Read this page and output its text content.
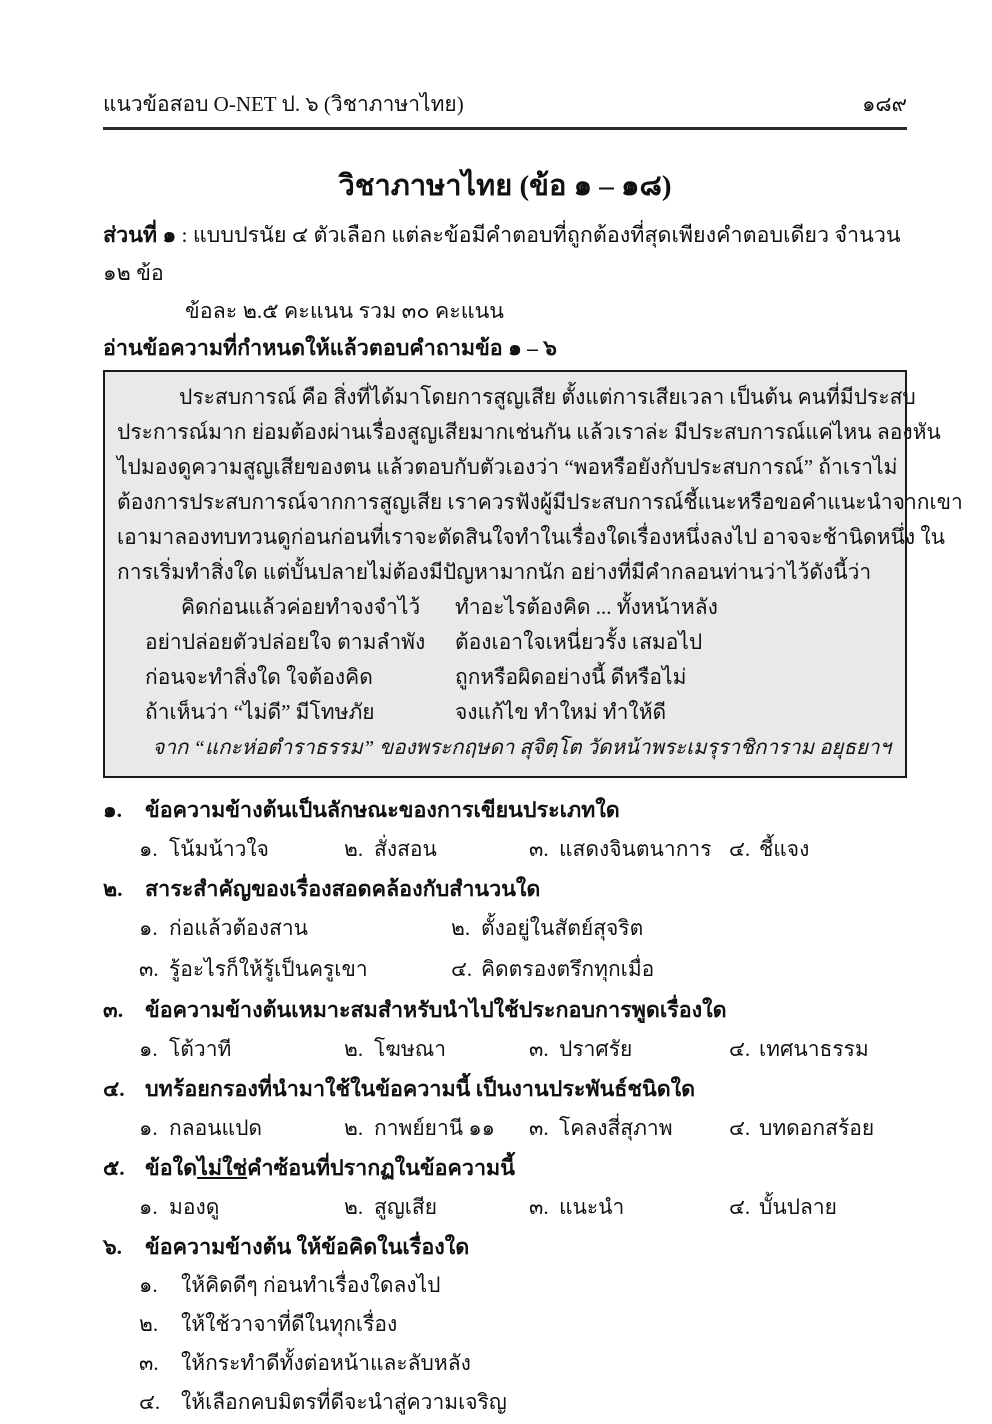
แนวข้อสอบ O-NET ป. ๖ (วิชาภาษาไทย)	๑๘๙
วิชาภาษาไทย (ข้อ ๑ – ๑๘)
ส่วนที่ ๑ : แบบปรนัย ๔ ตัวเลือก แต่ละข้อมีคำตอบที่ถูกต้องที่สุดเพียงคำตอบเดียว จำนวน ๑๒ ข้อ
ข้อละ ๒.๕ คะแนน รวม ๓๐ คะแนน
อ่านข้อความที่กำหนดให้แล้วตอบคำถามข้อ ๑ – ๖
ประสบการณ์ คือ สิ่งที่ได้มาโดยการสูญเสีย ตั้งแต่การเสียเวลา เป็นต้น คนที่มีประสบ
ประการณ์มาก ย่อมต้องผ่านเรื่องสูญเสียมากเช่นกัน แล้วเราล่ะ มีประสบการณ์แค่ไหน ลองหัน
ไปมองดูความสูญเสียของตน แล้วตอบกับตัวเองว่า “พอหรือยังกับประสบการณ์” ถ้าเราไม่
ต้องการประสบการณ์จากการสูญเสีย เราควรฟังผู้มีประสบการณ์ชี้แนะหรือขอคำแนะนำจากเขา
เอามาลองทบทวนดูก่อนก่อนที่เราจะตัดสินใจทำในเรื่องใดเรื่องหนึ่งลงไป อาจจะช้านิดหนึ่ง ใน
การเริ่มทำสิ่งใด แต่บั้นปลายไม่ต้องมีปัญหามากนัก อย่างที่มีคำกลอนท่านว่าไว้ดังนี้ว่า
คิดก่อนแล้วค่อยทำจงจำไว้	ทำอะไรต้องคิด ... ทั้งหน้าหลัง
อย่าปล่อยตัวปล่อยใจ ตามลำพัง	ต้องเอาใจเหนี่ยวรั้ง เสมอไป
ก่อนจะทำสิ่งใด ใจต้องคิด	ถูกหรือผิดอย่างนี้ ดีหรือไม่
ถ้าเห็นว่า “ไม่ดี” มีโทษภัย	จงแก้ไข ทำใหม่ ทำให้ดี
จาก “แกะห่อตำราธรรม” ของพระกฤษดา สุจิตฺโต วัดหน้าพระเมรุราชิการาม อยุธยาฯ
๑.	ข้อความข้างต้นเป็นลักษณะของการเขียนประเภทใด
๑. โน้มน้าวใจ	๒. สั่งสอน	๓. แสดงจินตนาการ ๔. ชี้แจง
๒.	สาระสำคัญของเรื่องสอดคล้องกับสำนวนใด
๑. ก่อแล้วต้องสาน	๒. ตั้งอยู่ในสัตย์สุจริต
๓. รู้อะไรก็ให้รู้เป็นครูเขา	๔. คิดตรองตรึกทุกเมื่อ
๓.	ข้อความข้างต้นเหมาะสมสำหรับนำไปใช้ประกอบการพูดเรื่องใด
๑. โต้วาที	๒. โฆษณา	๓. ปราศรัย	๔. เทศนาธรรม
๔. บทร้อยกรองที่นำมาใช้ในข้อความนี้ เป็นงานประพันธ์ชนิดใด
๑. กลอนแปด	๒. กาพย์ยานี ๑๑	๓. โคลงสี่สุภาพ	๔. บทดอกสร้อย
๕. ข้อใดไม่ใช่คำซ้อนที่ปรากฏในข้อความนี้
๑. มองดู	๒. สูญเสีย	๓. แนะนำ	๔. บั้นปลาย
๖.	ข้อความข้างต้น ให้ข้อคิดในเรื่องใด
๑. ให้คิดดีๆ ก่อนทำเรื่องใดลงไป
๒. ให้ใช้วาจาที่ดีในทุกเรื่อง
๓. ให้กระทำดีทั้งต่อหน้าและลับหลัง
๔. ให้เลือกคบมิตรที่ดีจะนำสู่ความเจริญ
